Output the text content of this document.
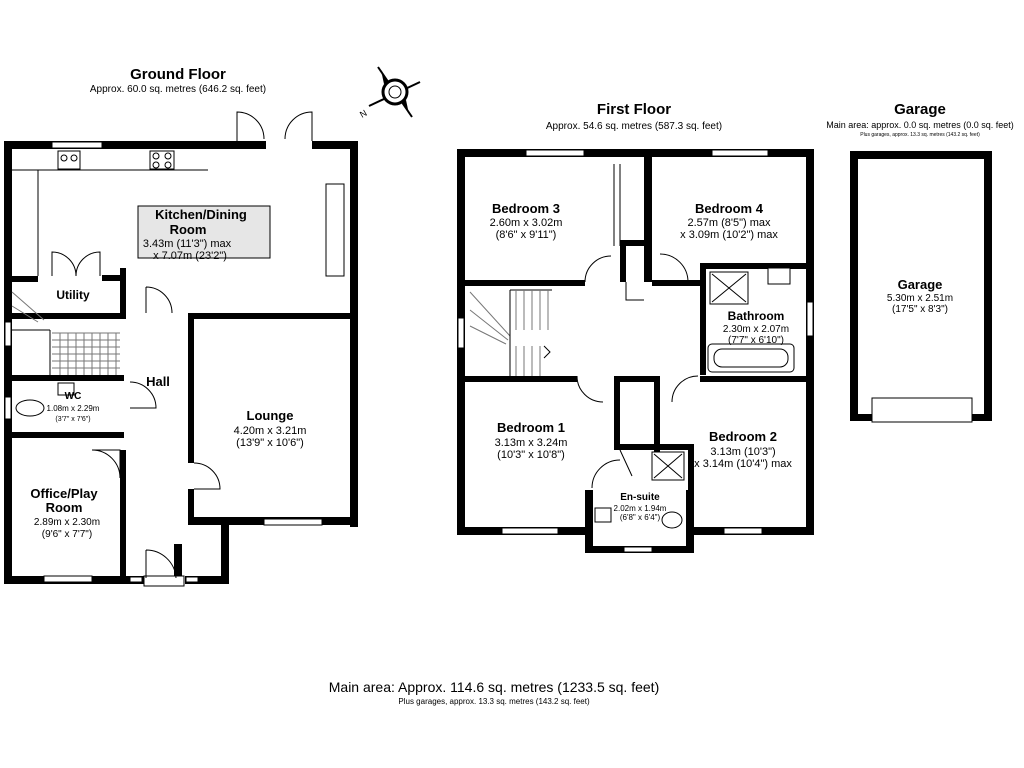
Ground Floor
Approx. 60.0 sq. metres (646.2 sq. feet)
First Floor
Approx. 54.6 sq. metres (587.3 sq. feet)
Garage
Main area: approx. 0.0 sq. metres (0.0 sq. feet)
Plus garages, approx. 13.3 sq. metres (143.2 sq. feet)
N
Kitchen/Dining
Room
3.43m (11'3") max
x 7.07m (23'2")
Utility
Hall
WC
1.08m x 2.29m
(3'7" x 7'6")	Lounge
4.20m x 3.21m
(13'9" x 10'6")
Office/Play
Room
2.89m x 2.30m
(9'6" x 7'7")
Bedroom 3
2.60m x 3.02m
(8'6" x 9'11")
Bedroom 4
2.57m (8'5") max
x 3.09m (10'2") max
Bathroom
2.30m x 2.07m
(7'7" x 6'10")
Bedroom 1
3.13m x 3.24m
(10'3" x 10'8")
Bedroom 2
3.13m (10'3")
x 3.14m (10'4") max
En-suite
2.02m x 1.94m
(6'8" x 6'4")
Garage
5.30m x 2.51m
(17'5" x 8'3")
Main area: Approx. 114.6 sq. metres (1233.5 sq. feet)
Plus garages, approx. 13.3 sq. metres (143.2 sq. feet)
